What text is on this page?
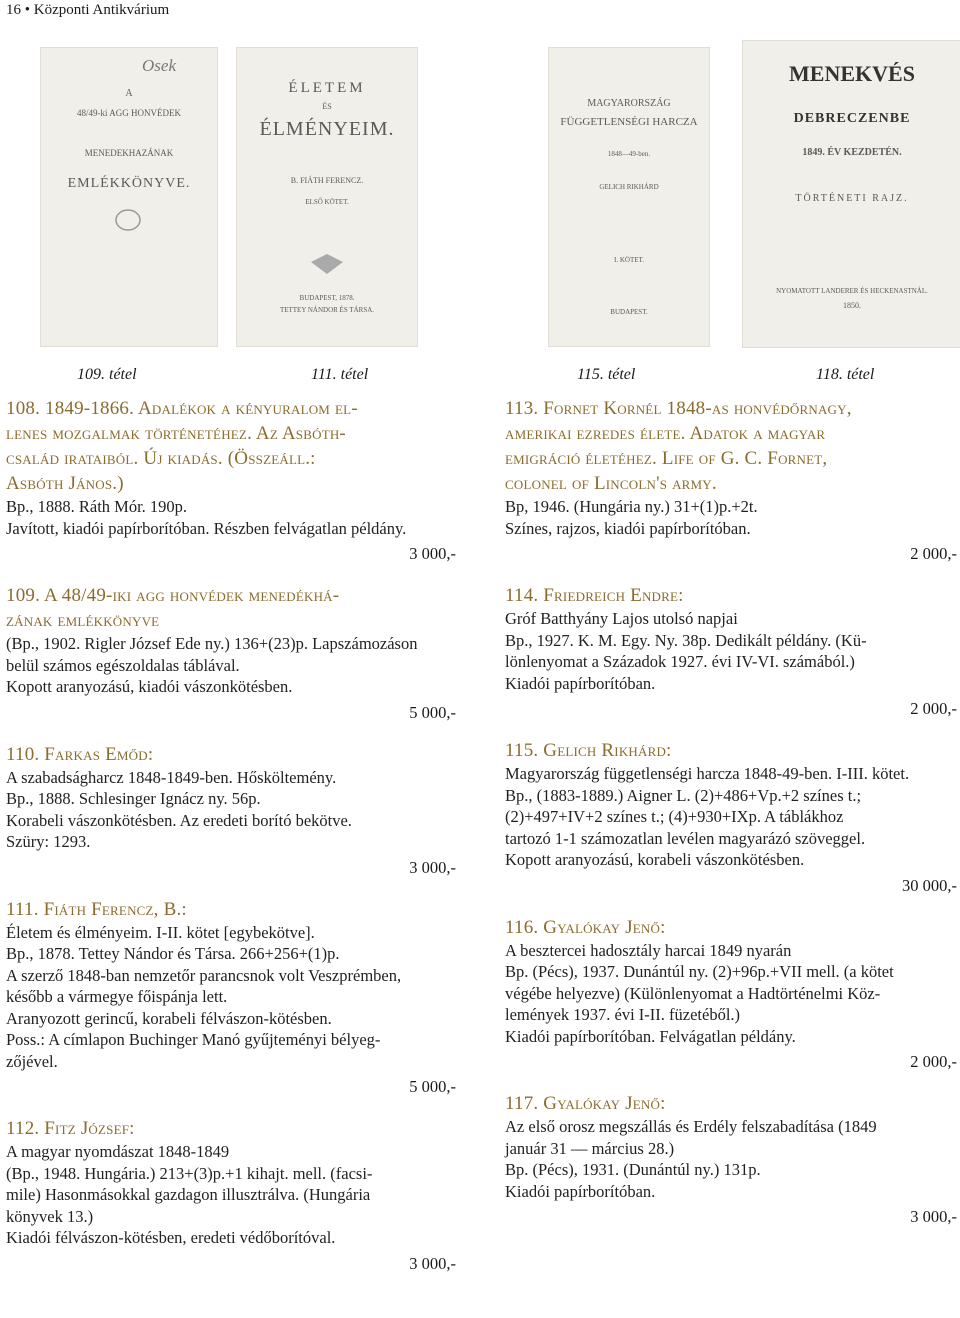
16 • Központi Antikvárium
Osek
A
48/49-ki AGG HONVÉDEK
MENEDEKHAZÁNAK
EMLÉKKÖNYVE.
ÉLETEM
ÉS
ÉLMÉNYEIM.
B. FIÁTH FERENCZ.
ELSŐ KÖTET.
BUDAPEST, 1878.
TETTEY NÁNDOR ÉS TÁRSA.
MAGYARORSZÁG
FÜGGETLENSÉGI HARCZA
1848—49-ben.
GELICH RIKHÁRD
I. KÖTET.
BUDAPEST.
MENEKVÉS
DEBRECZENBE
1849. ÉV KEZDETÉN.
TÖRTÉNETI RAJZ.
NYOMATOTT LANDERER ÉS HECKENASTNÁL.
1850.
109. tétel	111. tétel	115. tétel	118. tétel
108. 1849-1866. Adalékok a kényuralom el-
lenes mozgalmak történetéhez. Az Asbóth-
család irataiból. Új kiadás. (Összeáll.:
Asbóth János.)
Bp., 1888. Ráth Mór. 190p.
Javított, kiadói papírborítóban. Részben felvágatlan példány.
3 000,-
109. A 48/49-iki agg honvédek menedékhá-
zának emlékkönyve
(Bp., 1902. Rigler József Ede ny.) 136+(23)p. Lapszámozáson
belül számos egészoldalas táblával.
Kopott aranyozású, kiadói vászonkötésben.
5 000,-
110. Farkas Emőd:
A szabadságharcz 1848-1849-ben. Hősköltemény.
Bp., 1888. Schlesinger Ignácz ny. 56p.
Korabeli vászonkötésben. Az eredeti borító bekötve.
Szüry: 1293.
3 000,-
111. Fiáth Ferencz, B.:
Életem és élményeim. I-II. kötet [egybekötve].
Bp., 1878. Tettey Nándor és Társa. 266+256+(1)p.
A szerző 1848-ban nemzetőr parancsnok volt Veszprémben,
később a vármegye főispánja lett.
Aranyozott gerincű, korabeli félvászon-kötésben.
Poss.: A címlapon Buchinger Manó gyűjteményi bélyeg-
zőjével.
5 000,-
112. Fitz József:
A magyar nyomdászat 1848-1849
(Bp., 1948. Hungária.) 213+(3)p.+1 kihajt. mell. (facsi-
mile) Hasonmásokkal gazdagon illusztrálva. (Hungária
könyvek 13.)
Kiadói félvászon-kötésben, eredeti védőborítóval.
3 000,-
113. Fornet Kornél 1848-as honvédőrnagy,
amerikai ezredes élete. Adatok a magyar
emigráció életéhez. Life of G. C. Fornet,
colonel of Lincoln's army.
Bp, 1946. (Hungária ny.) 31+(1)p.+2t.
Színes, rajzos, kiadói papírborítóban.
2 000,-
114. Friedreich Endre:
Gróf Batthyány Lajos utolsó napjai
Bp., 1927. K. M. Egy. Ny. 38p. Dedikált példány. (Kü-
lönlenyomat a Századok 1927. évi IV-VI. számából.)
Kiadói papírborítóban.
2 000,-
115. Gelich Rikhárd:
Magyarország függetlenségi harcza 1848-49-ben. I-III. kötet.
Bp., (1883-1889.) Aigner L. (2)+486+Vp.+2 színes t.;
(2)+497+IV+2 színes t.; (4)+930+IXp. A táblákhoz
tartozó 1-1 számozatlan levélen magyarázó szöveggel.
Kopott aranyozású, korabeli vászonkötésben.
30 000,-
116. Gyalókay Jenő:
A besztercei hadosztály harcai 1849 nyarán
Bp. (Pécs), 1937. Dunántúl ny. (2)+96p.+VII mell. (a kötet
végébe helyezve) (Különlenyomat a Hadtörténelmi Köz-
lemények 1937. évi I-II. füzetéből.)
Kiadói papírborítóban. Felvágatlan példány.
2 000,-
117. Gyalókay Jenő:
Az első orosz megszállás és Erdély felszabadítása (1849
január 31 — március 28.)
Bp. (Pécs), 1931. (Dunántúl ny.) 131p.
Kiadói papírborítóban.
3 000,-
